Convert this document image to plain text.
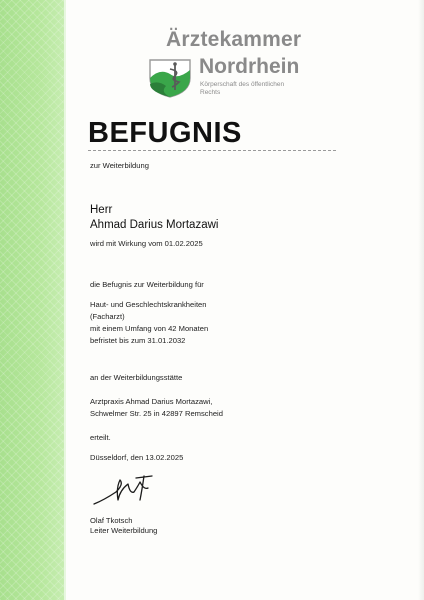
Ärztekammer
Nordrhein
Körperschaft des öffentlichen Rechts
BEFUGNIS
zur Weiterbildung
Herr
Ahmad Darius Mortazawi
wird mit Wirkung vom 01.02.2025
die Befugnis zur Weiterbildung für
Haut- und Geschlechtskrankheiten
(Facharzt)
mit einem Umfang von 42 Monaten
befristet bis zum 31.01.2032
an der Weiterbildungsstätte
Arztpraxis Ahmad Darius Mortazawi,
Schwelmer Str. 25 in 42897 Remscheid
erteilt.
Düsseldorf, den 13.02.2025
Olaf Tkotsch
Leiter Weiterbildung
